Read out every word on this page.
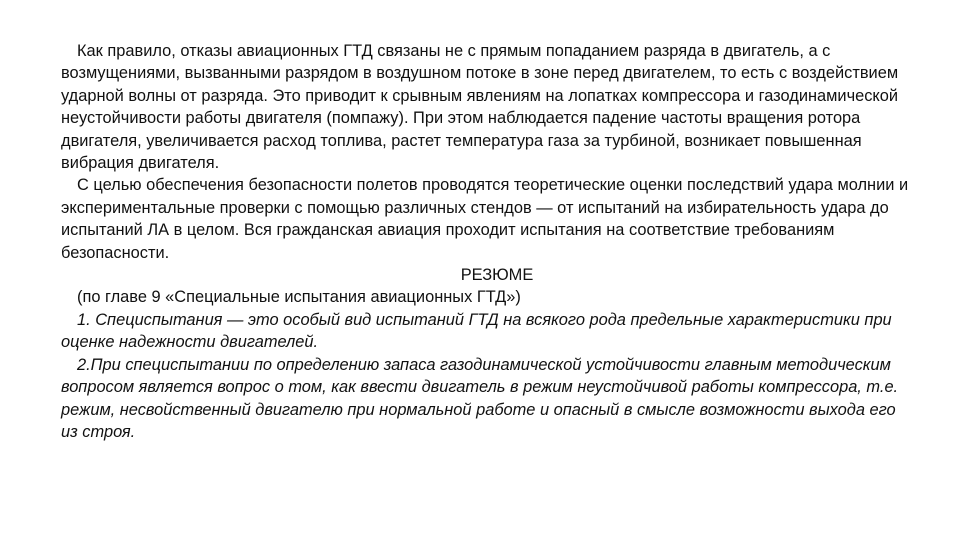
Как правило, отказы авиационных ГТД связаны не с прямым попаданием разряда в двигатель, а с возмущениями, вызванными разрядом в воздушном потоке в зоне перед двигателем, то есть с воздействием ударной волны от разряда. Это приводит к срывным явлениям на лопатках компрессора и газодинамической неустойчивости работы двигателя (помпажу). При этом наблюдается падение частоты вращения ротора двигателя, увеличивается расход топлива, растет температура газа за турбиной, возникает повышенная вибрация двигателя.

С целью обеспечения безопасности полетов проводятся теоретические оценки последствий удара молнии и экспериментальные проверки с помощью различных стендов — от испытаний на избирательность удара до испытаний ЛА в целом. Вся гражданская авиация проходит испытания на соответствие требованиям безопасности.

РЕЗЮМЕ

(по главе 9 «Специальные испытания авиационных ГТД»)

1. Специспытания — это особый вид испытаний ГТД на всякого рода предельные характеристики при оценке надежности двигателей.

2.При специспытании по определению запаса газодинамической устойчивости главным методическим вопросом является вопрос о том, как ввести двигатель в режим неустойчивой работы компрессора, т.е. режим, несвойственный двигателю при нормальной работе и опасный в смысле возможности выхода его из строя.
